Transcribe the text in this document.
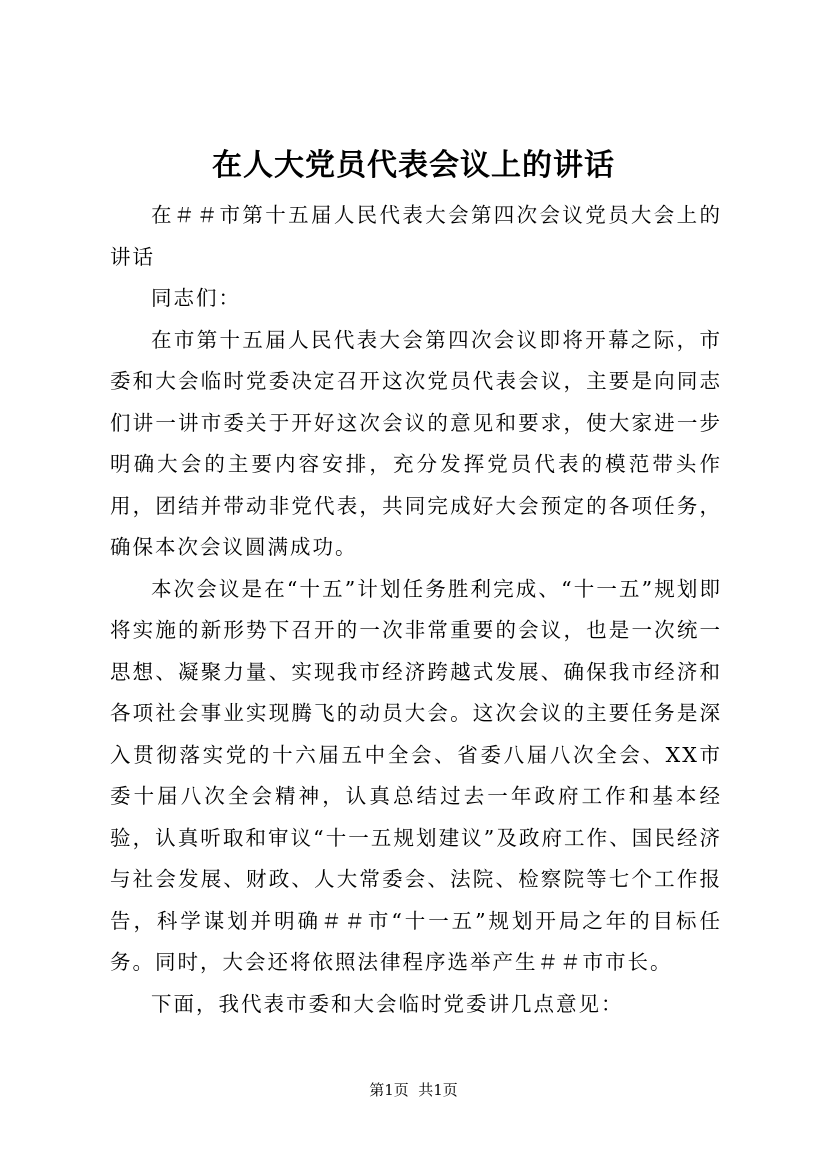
在人大党员代表会议上的讲话

在＃＃市第十五届人民代表大会第四次会议党员大会上的讲话

同志们：

在市第十五届人民代表大会第四次会议即将开幕之际，市委和大会临时党委决定召开这次党员代表会议，主要是向同志们讲一讲市委关于开好这次会议的意见和要求，使大家进一步明确大会的主要内容安排，充分发挥党员代表的模范带头作用，团结并带动非党代表，共同完成好大会预定的各项任务，确保本次会议圆满成功。

本次会议是在“十五”计划任务胜利完成、“十一五”规划即将实施的新形势下召开的一次非常重要的会议，也是一次统一思想、凝聚力量、实现我市经济跨越式发展、确保我市经济和各项社会事业实现腾飞的动员大会。这次会议的主要任务是深入贯彻落实党的十六届五中全会、省委八届八次全会、XX市委十届八次全会精神，认真总结过去一年政府工作和基本经验，认真听取和审议“十一五规划建议”及政府工作、国民经济与社会发展、财政、人大常委会、法院、检察院等七个工作报告，科学谋划并明确＃＃市“十一五”规划开局之年的目标任务。同时，大会还将依照法律程序选举产生＃＃市市长。

下面，我代表市委和大会临时党委讲几点意见：

第1页  共1页
